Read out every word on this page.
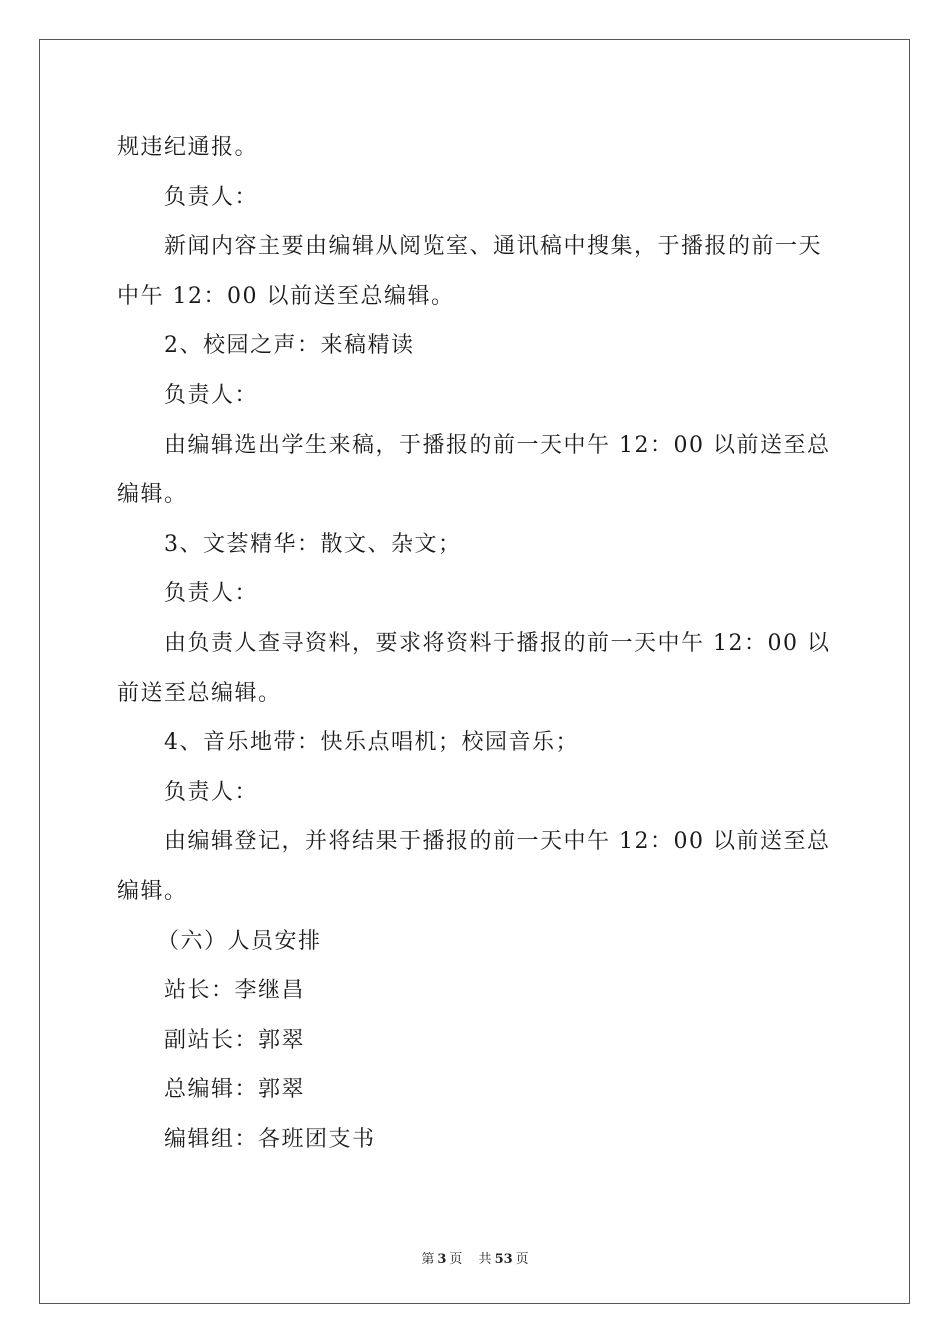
规违纪通报。
负责人：
新闻内容主要由编辑从阅览室、通讯稿中搜集，于播报的前一天
中午 12：00 以前送至总编辑。
2、校园之声：来稿精读
负责人：
由编辑选出学生来稿，于播报的前一天中午 12：00 以前送至总
编辑。
3、文荟精华：散文、杂文；
负责人：
由负责人查寻资料，要求将资料于播报的前一天中午 12：00 以
前送至总编辑。
4、音乐地带：快乐点唱机；校园音乐；
负责人：
由编辑登记，并将结果于播报的前一天中午 12：00 以前送至总
编辑。
（六）人员安排
站长：李继昌
副站长：郭翠
总编辑：郭翠
编辑组：各班团支书
第 3 页 共 53 页
